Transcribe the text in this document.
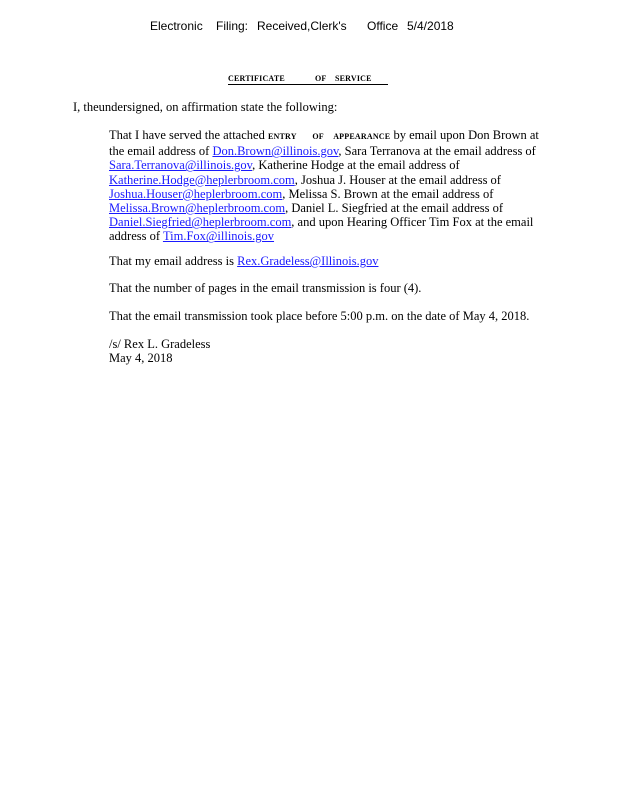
Electronic Filing: Received,Clerk's Office 5/4/2018
CERTIFICATE	OF SERVICE

I, theundersigned, on affirmation state the following:
That I have served the attached ENTRY OF APPEARANCE by email upon Don Brown at the email address of Don.Brown@illinois.gov, Sara Terranova at the email address of Sara.Terranova@illinois.gov, Katherine Hodge at the email address of Katherine.Hodge@heplerbroom.com, Joshua J. Houser at the email address of Joshua.Houser@heplerbroom.com, Melissa S. Brown at the email address of Melissa.Brown@heplerbroom.com, Daniel L. Siegfried at the email address of Daniel.Siegfried@heplerbroom.com, and upon Hearing Officer Tim Fox at the email address of Tim.Fox@illinois.gov
That my email address is Rex.Gradeless@Illinois.gov
That the number of pages in the email transmission is four (4).
That the email transmission took place before 5:00 p.m. on the date of May 4, 2018.
/s/ Rex L. Gradeless
May 4, 2018
